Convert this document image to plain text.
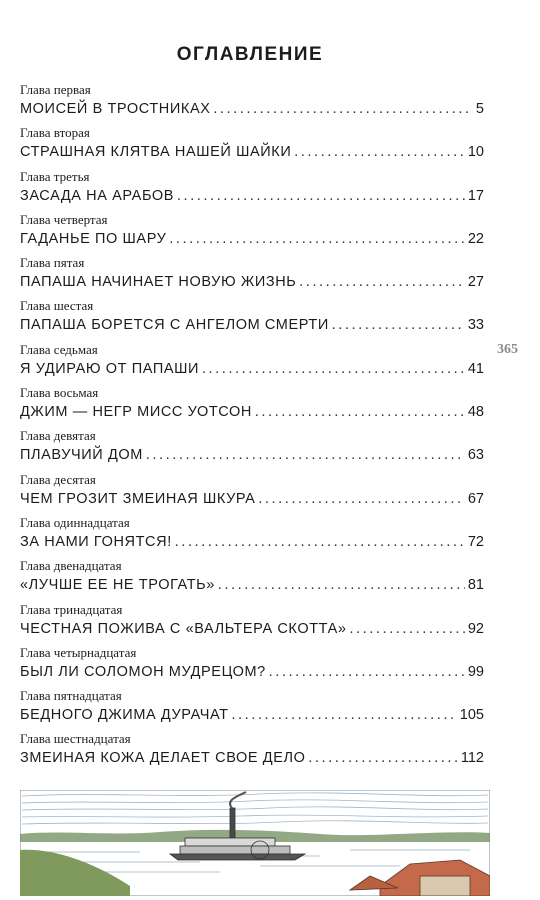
ОГЛАВЛЕНИЕ
Глава первая
МОИСЕЙ В ТРОСТНИКАХ .....	5
Глава вторая
СТРАШНАЯ КЛЯТВА НАШЕЙ ШАЙКИ .....	10
Глава третья
ЗАСАДА НА АРАБОВ .....	17
Глава четвертая
ГАДАНЬЕ ПО ШАРУ .....	22
Глава пятая
ПАПАША НАЧИНАЕТ НОВУЮ ЖИЗНЬ .....	27
Глава шестая
ПАПАША БОРЕТСЯ С АНГЕЛОМ СМЕРТИ .....	33
Глава седьмая
Я УДИРАЮ ОТ ПАПАШИ .....	41
Глава восьмая
ДЖИМ — НЕГР МИСС УОТСОН .....	48
Глава девятая
ПЛАВУЧИЙ ДОМ .....	63
Глава десятая
ЧЕМ ГРОЗИТ ЗМЕИНАЯ ШКУРА .....	67
Глава одиннадцатая
ЗА НАМИ ГОНЯТСЯ! .....	72
Глава двенадцатая
«ЛУЧШЕ ЕЕ НЕ ТРОГАТЬ» .....	81
Глава тринадцатая
ЧЕСТНАЯ ПОЖИВА С «ВАЛЬТЕРА СКОТТА» .....	92
Глава четырнадцатая
БЫЛ ЛИ СОЛОМОН МУДРЕЦОМ? .....	99
Глава пятнадцатая
БЕДНОГО ДЖИМА ДУРАЧАТ .....	105
Глава шестнадцатая
ЗМЕИНАЯ КОЖА ДЕЛАЕТ СВОЕ ДЕЛО .....	112
365
